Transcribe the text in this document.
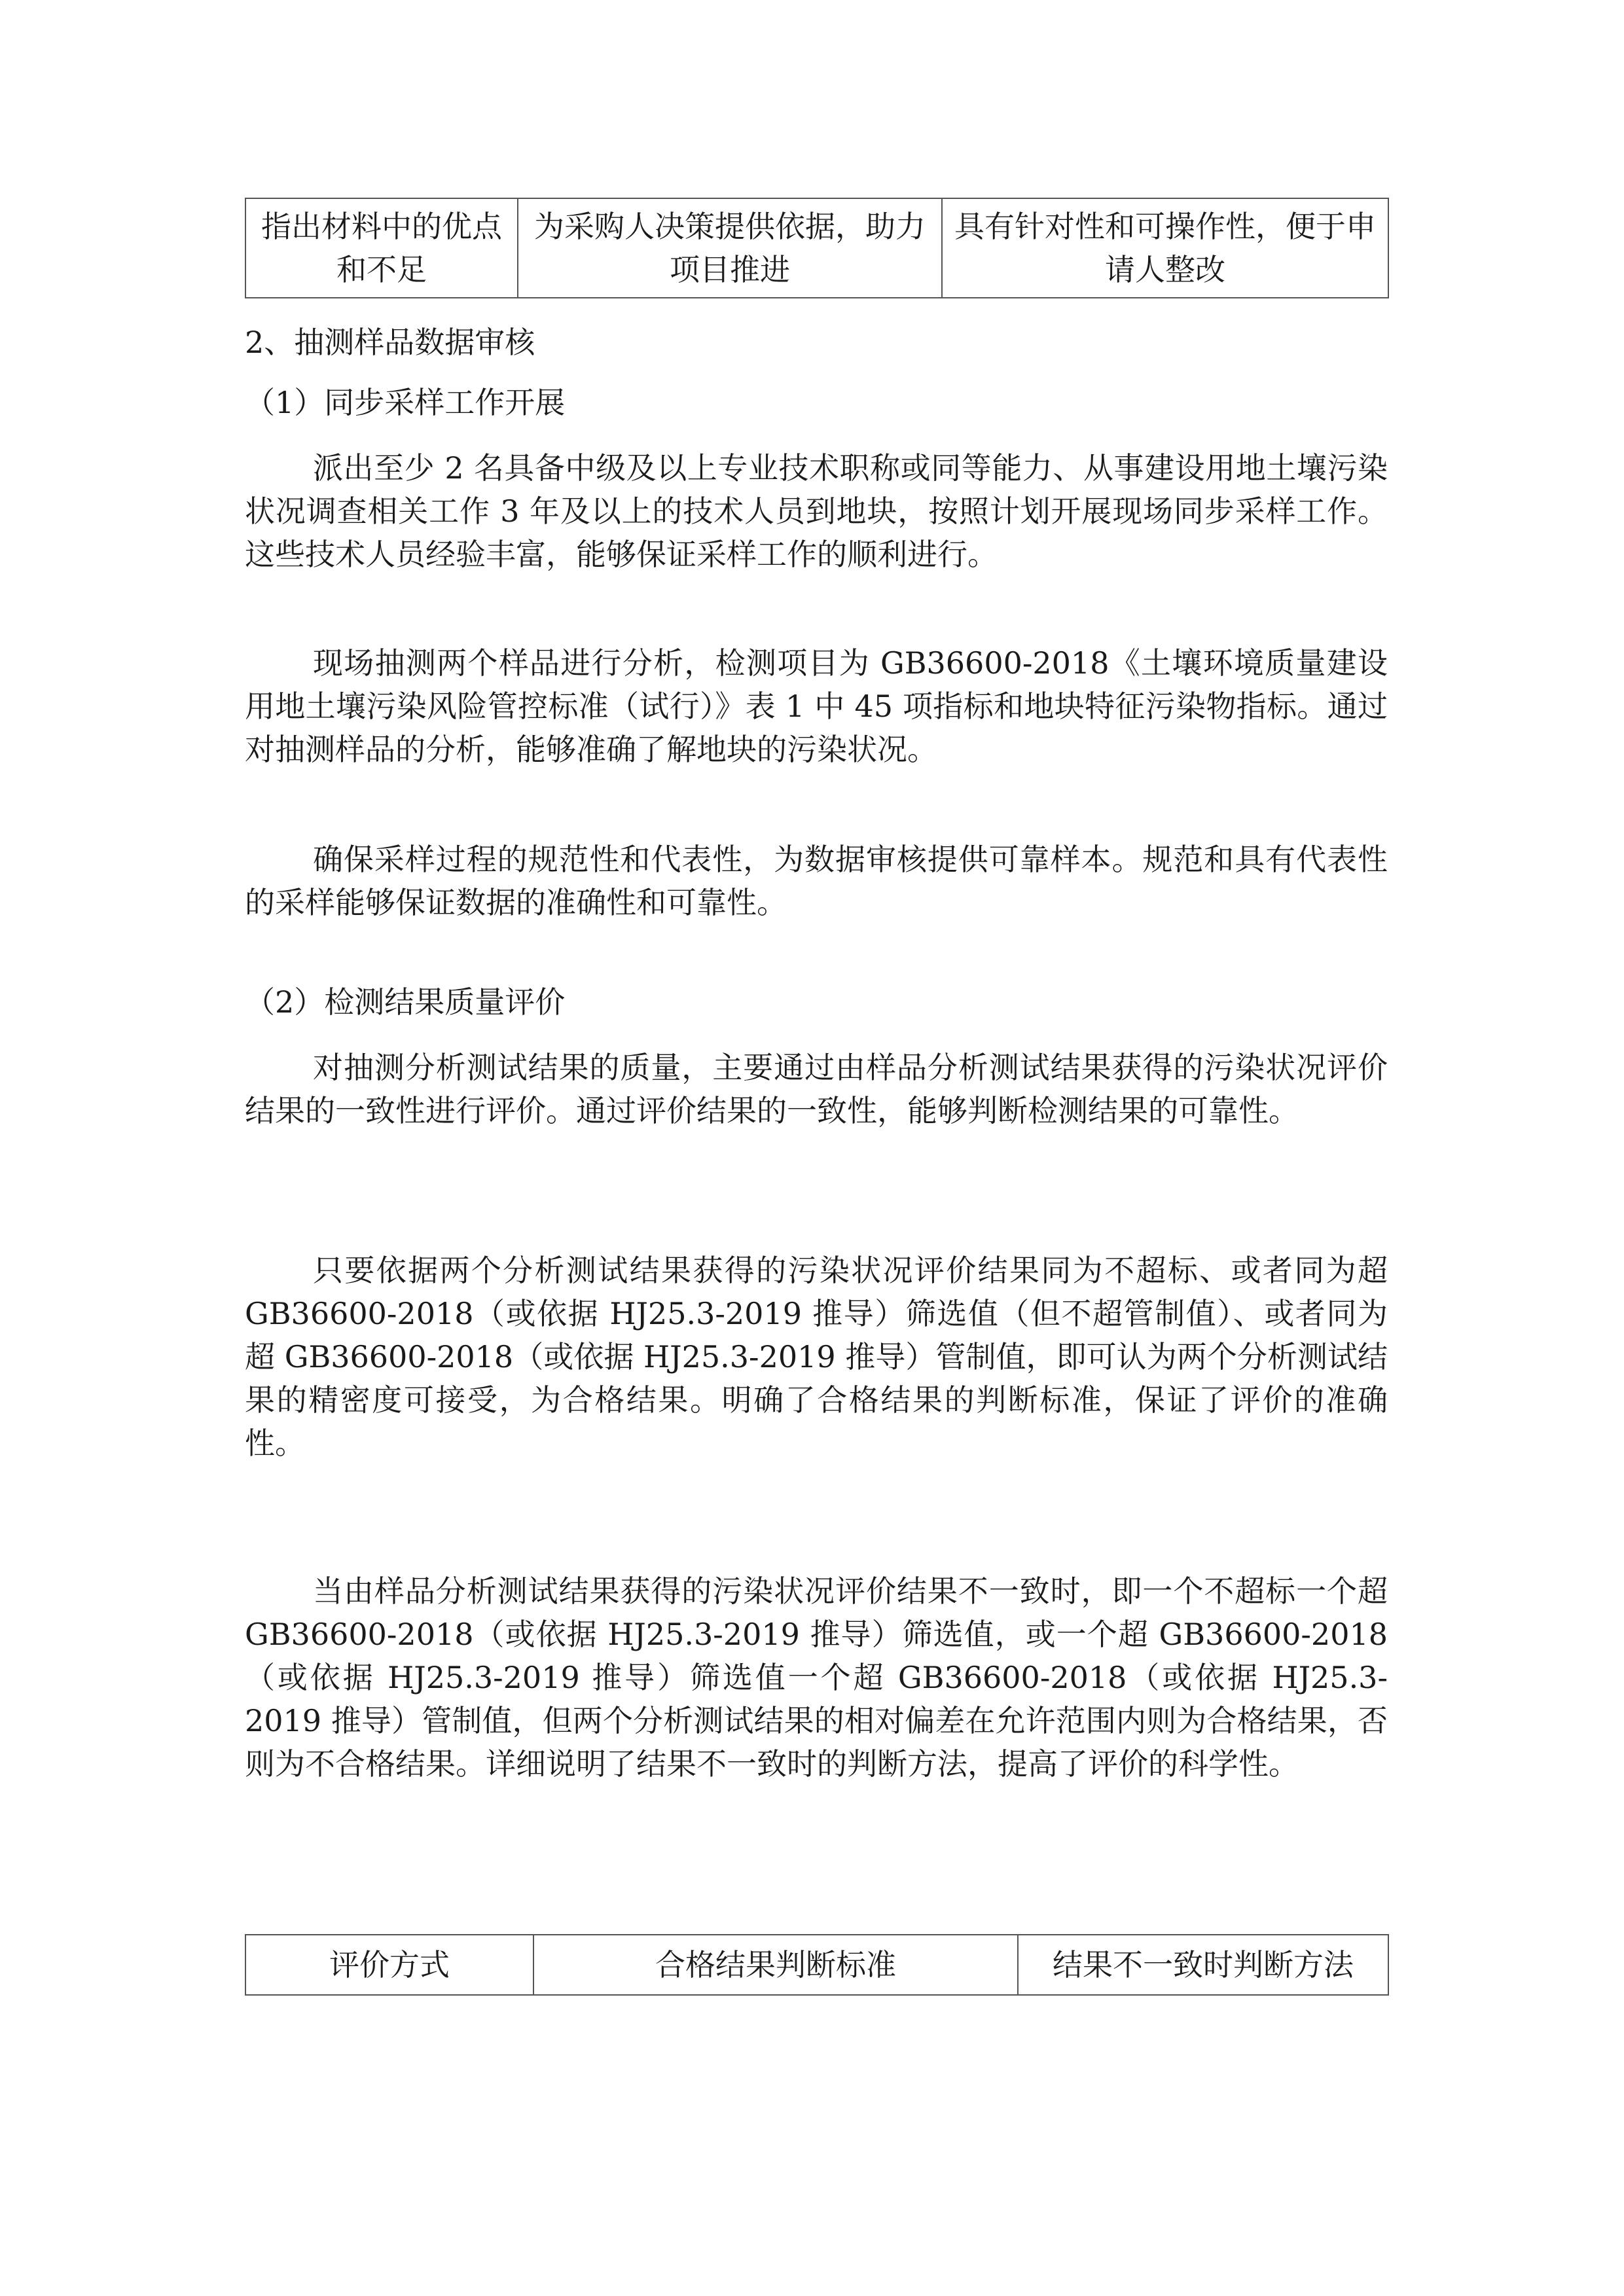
指出材料中的优点和不足	为采购人决策提供依据，助力项目推进	具有针对性和可操作性，便于申请人整改
2、抽测样品数据审核
（1）同步采样工作开展

派出至少 2 名具备中级及以上专业技术职称或同等能力、从事建设用地土壤污染状况调查相关工作 3 年及以上的技术人员到地块，按照计划开展现场同步采样工作。这些技术人员经验丰富，能够保证采样工作的顺利进行。

现场抽测两个样品进行分析，检测项目为 GB36600-2018《土壤环境质量建设用地土壤污染风险管控标准（试行）》表 1 中 45 项指标和地块特征污染物指标。通过对抽测样品的分析，能够准确了解地块的污染状况。

确保采样过程的规范性和代表性，为数据审核提供可靠样本。规范和具有代表性的采样能够保证数据的准确性和可靠性。

（2）检测结果质量评价

对抽测分析测试结果的质量，主要通过由样品分析测试结果获得的污染状况评价结果的一致性进行评价。通过评价结果的一致性，能够判断检测结果的可靠性。

只要依据两个分析测试结果获得的污染状况评价结果同为不超标、或者同为超 GB36600-2018（或依据 HJ25.3-2019 推导）筛选值（但不超管制值）、或者同为超 GB36600-2018（或依据 HJ25.3-2019 推导）管制值，即可认为两个分析测试结果的精密度可接受，为合格结果。明确了合格结果的判断标准，保证了评价的准确性。

当由样品分析测试结果获得的污染状况评价结果不一致时，即一个不超标一个超 GB36600-2018（或依据 HJ25.3-2019 推导）筛选值，或一个超 GB36600-2018（或依据 HJ25.3-2019 推导）筛选值一个超 GB36600-2018（或依据 HJ25.3-2019 推导）管制值，但两个分析测试结果的相对偏差在允许范围内则为合格结果，否则为不合格结果。详细说明了结果不一致时的判断方法，提高了评价的科学性。

评价方式	合格结果判断标准	结果不一致时判断方法
